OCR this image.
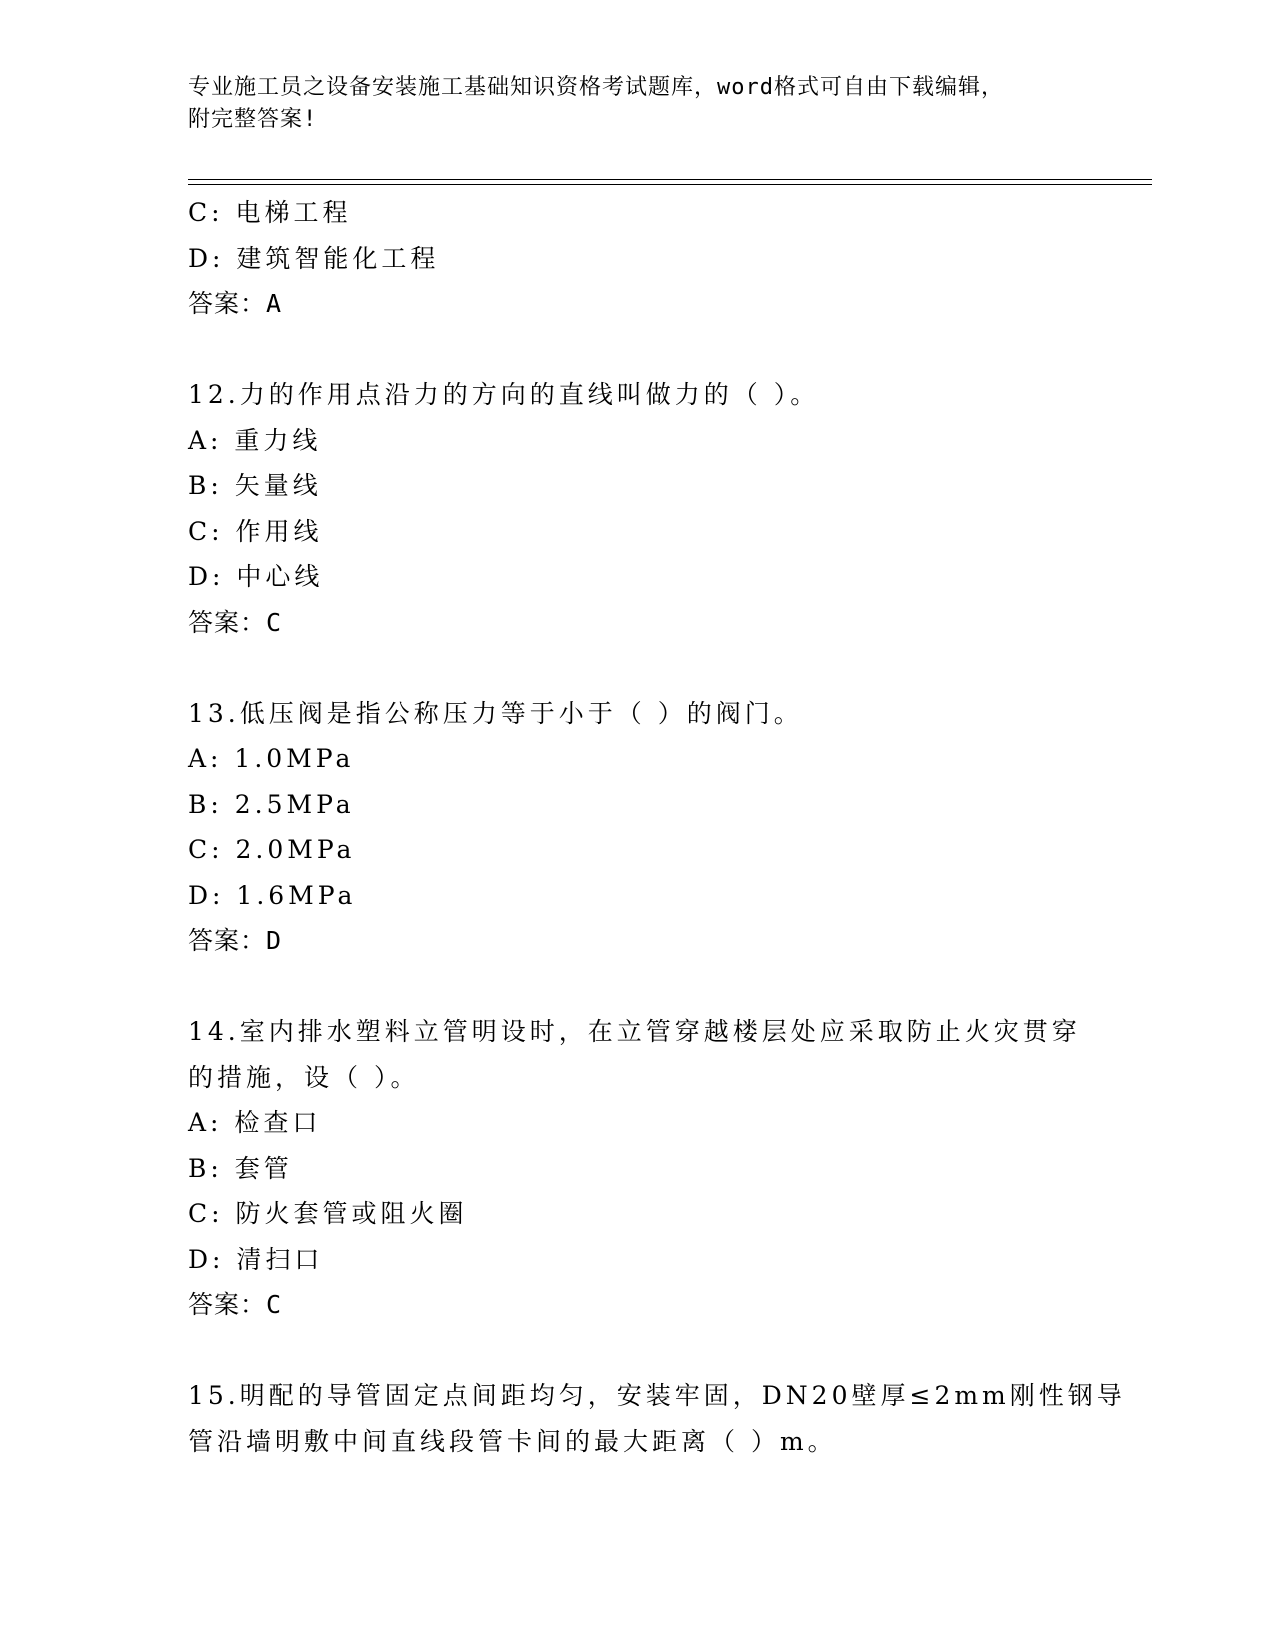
专业施工员之设备安装施工基础知识资格考试题库，word格式可自由下载编辑，
附完整答案!
C: 电梯工程
D: 建筑智能化工程
答案：A
12.力的作用点沿力的方向的直线叫做力的（ ）。
A: 重力线
B: 矢量线
C: 作用线
D: 中心线
答案：C
13.低压阀是指公称压力等于小于（ ）的阀门。
A: 1.0MPa
B: 2.5MPa
C: 2.0MPa
D: 1.6MPa
答案：D
14.室内排水塑料立管明设时，在立管穿越楼层处应采取防止火灾贯穿
的措施，设（ ）。
A: 检查口
B: 套管
C: 防火套管或阻火圈
D: 清扫口
答案：C
15.明配的导管固定点间距均匀，安装牢固，DN20壁厚≤2mm刚性钢导
管沿墙明敷中间直线段管卡间的最大距离（ ）m。
